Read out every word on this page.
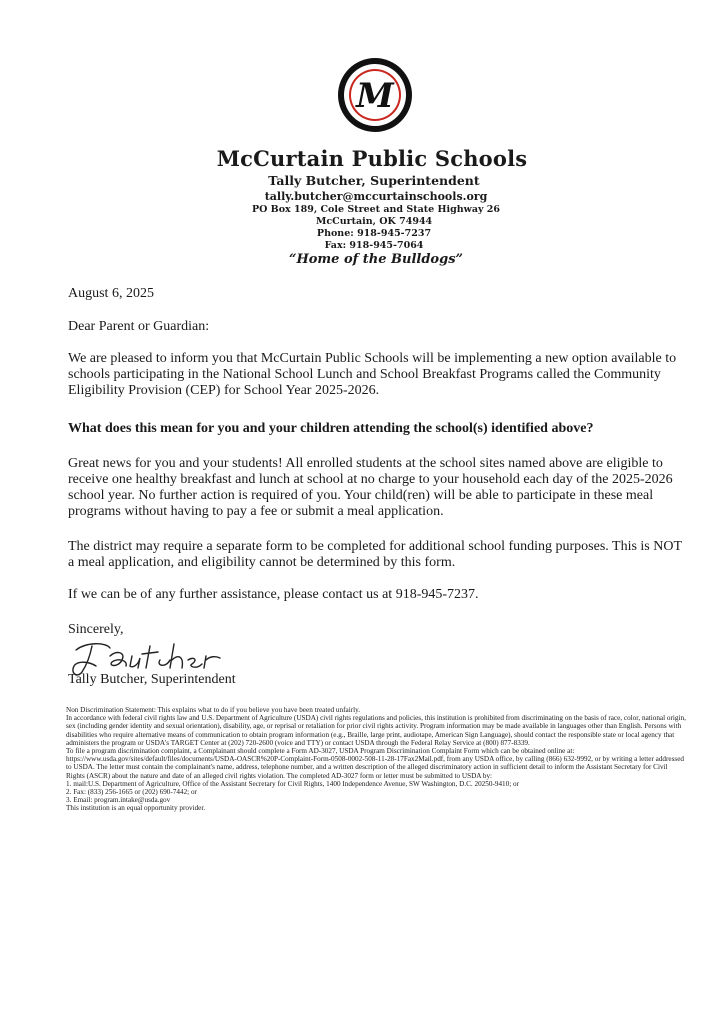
M
McCurtain Public Schools
Tally Butcher, Superintendent
tally.butcher@mccurtainschools.org
PO Box 189, Cole Street and State Highway 26
McCurtain, OK 74944
Phone: 918-945-7237
Fax: 918-945-7064
“Home of the Bulldogs”
August 6, 2025
Dear Parent or Guardian:
We are pleased to inform you that McCurtain Public Schools will be implementing a new option available to schools participating in the National School Lunch and School Breakfast Programs called the Community Eligibility Provision (CEP) for School Year 2025-2026.
What does this mean for you and your children attending the school(s) identified above?
Great news for you and your students! All enrolled students at the school sites named above are eligible to receive one healthy breakfast and lunch at school at no charge to your household each day of the 2025-2026 school year. No further action is required of you. Your child(ren) will be able to participate in these meal programs without having to pay a fee or submit a meal application.
The district may require a separate form to be completed for additional school funding purposes. This is NOT a meal application, and eligibility cannot be determined by this form.
If we can be of any further assistance, please contact us at 918-945-7237.
Sincerely,
Tally Butcher, Superintendent
Non Discrimination Statement: This explains what to do if you believe you have been treated unfairly.
In accordance with federal civil rights law and U.S. Department of Agriculture (USDA) civil rights regulations and policies, this institution is prohibited from discriminating on the basis of race, color, national origin, sex (including gender identity and sexual orientation), disability, age, or reprisal or retaliation for prior civil rights activity. Program information may be made available in languages other than English. Persons with disabilities who require alternative means of communication to obtain program information (e.g., Braille, large print, audiotape, American Sign Language), should contact the responsible state or local agency that administers the program or USDA's TARGET Center at (202) 720-2600 (voice and TTY) or contact USDA through the Federal Relay Service at (800) 877-8339.
To file a program discrimination complaint, a Complainant should complete a Form AD-3027, USDA Program Discrimination Complaint Form which can be obtained online at: https://www.usda.gov/sites/default/files/documents/USDA-OASCR%20P-Complaint-Form-0508-0002-508-11-28-17Fax2Mail.pdf, from any USDA office, by calling (866) 632-9992, or by writing a letter addressed to USDA. The letter must contain the complainant's name, address, telephone number, and a written description of the alleged discriminatory action in sufficient detail to inform the Assistant Secretary for Civil Rights (ASCR) about the nature and date of an alleged civil rights violation. The completed AD-3027 form or letter must be submitted to USDA by:
1. mail:U.S. Department of Agriculture, Office of the Assistant Secretary for Civil Rights, 1400 Independence Avenue, SW Washington, D.C. 20250-9410; or
2. Fax: (833) 256-1665 or (202) 690-7442; or
3. Email: program.intake@usda.gov
This institution is an equal opportunity provider.
